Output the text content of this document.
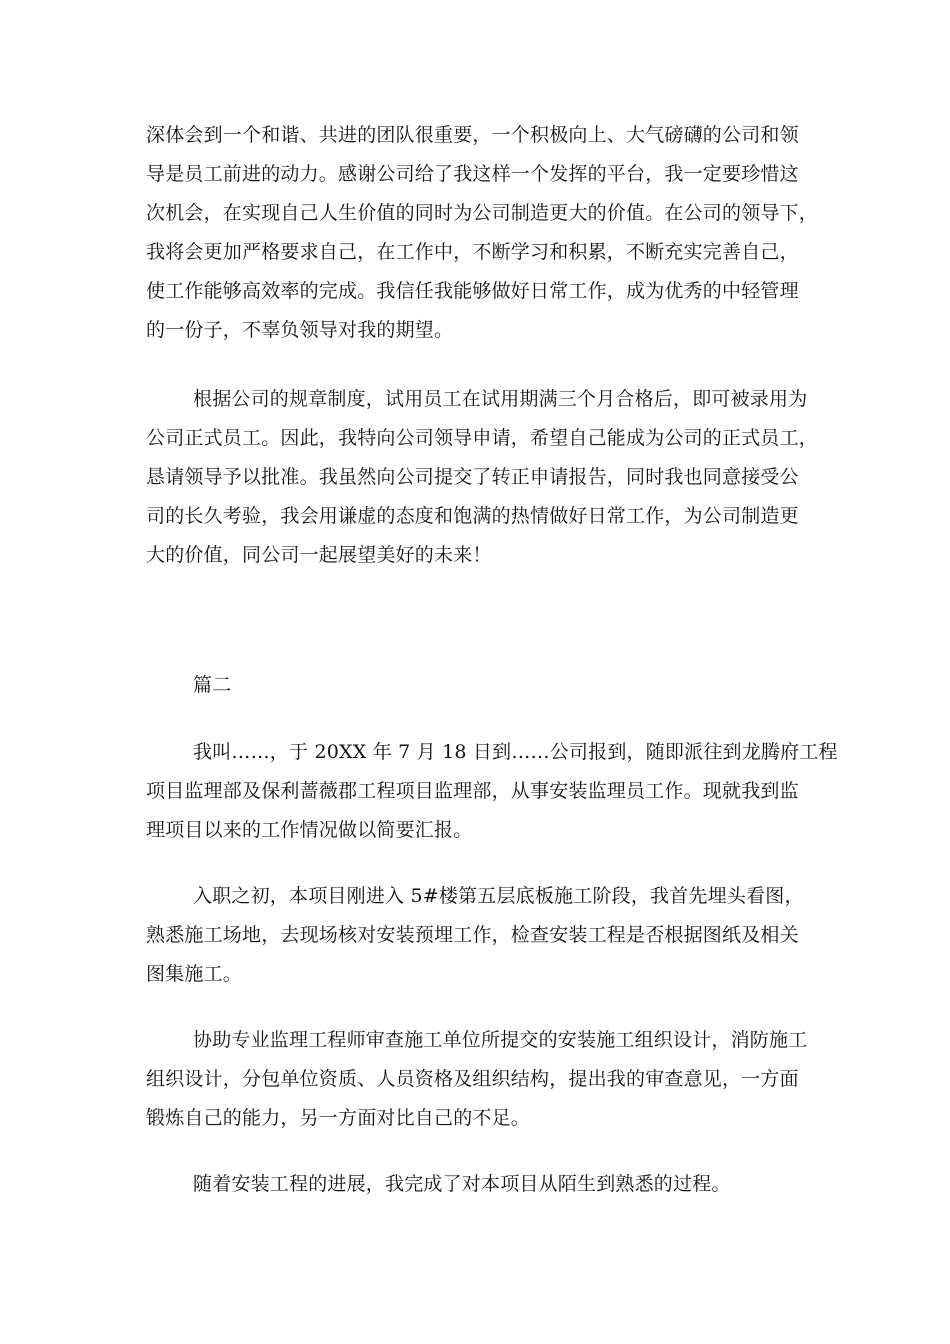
深体会到一个和谐、共进的团队很重要，一个积极向上、大气磅礴的公司和领
导是员工前进的动力。感谢公司给了我这样一个发挥的平台，我一定要珍惜这
次机会，在实现自己人生价值的同时为公司制造更大的价值。在公司的领导下，
我将会更加严格要求自己，在工作中，不断学习和积累，不断充实完善自己，
使工作能够高效率的完成。我信任我能够做好日常工作，成为优秀的中轻管理
的一份子，不辜负领导对我的期望。
根据公司的规章制度，试用员工在试用期满三个月合格后，即可被录用为
公司正式员工。因此，我特向公司领导申请，希望自己能成为公司的正式员工，
恳请领导予以批准。我虽然向公司提交了转正申请报告，同时我也同意接受公
司的长久考验，我会用谦虚的态度和饱满的热情做好日常工作，为公司制造更
大的价值，同公司一起展望美好的未来！
篇二
我叫……，于 20XX 年 7 月 18 日到……公司报到，随即派往到龙腾府工程
项目监理部及保利蔷薇郡工程项目监理部，从事安装监理员工作。现就我到监
理项目以来的工作情况做以简要汇报。
入职之初，本项目刚进入 5#楼第五层底板施工阶段，我首先埋头看图，
熟悉施工场地，去现场核对安装预埋工作，检查安装工程是否根据图纸及相关
图集施工。
协助专业监理工程师审查施工单位所提交的安装施工组织设计，消防施工
组织设计，分包单位资质、人员资格及组织结构，提出我的审查意见，一方面
锻炼自己的能力，另一方面对比自己的不足。
随着安装工程的进展，我完成了对本项目从陌生到熟悉的过程。
